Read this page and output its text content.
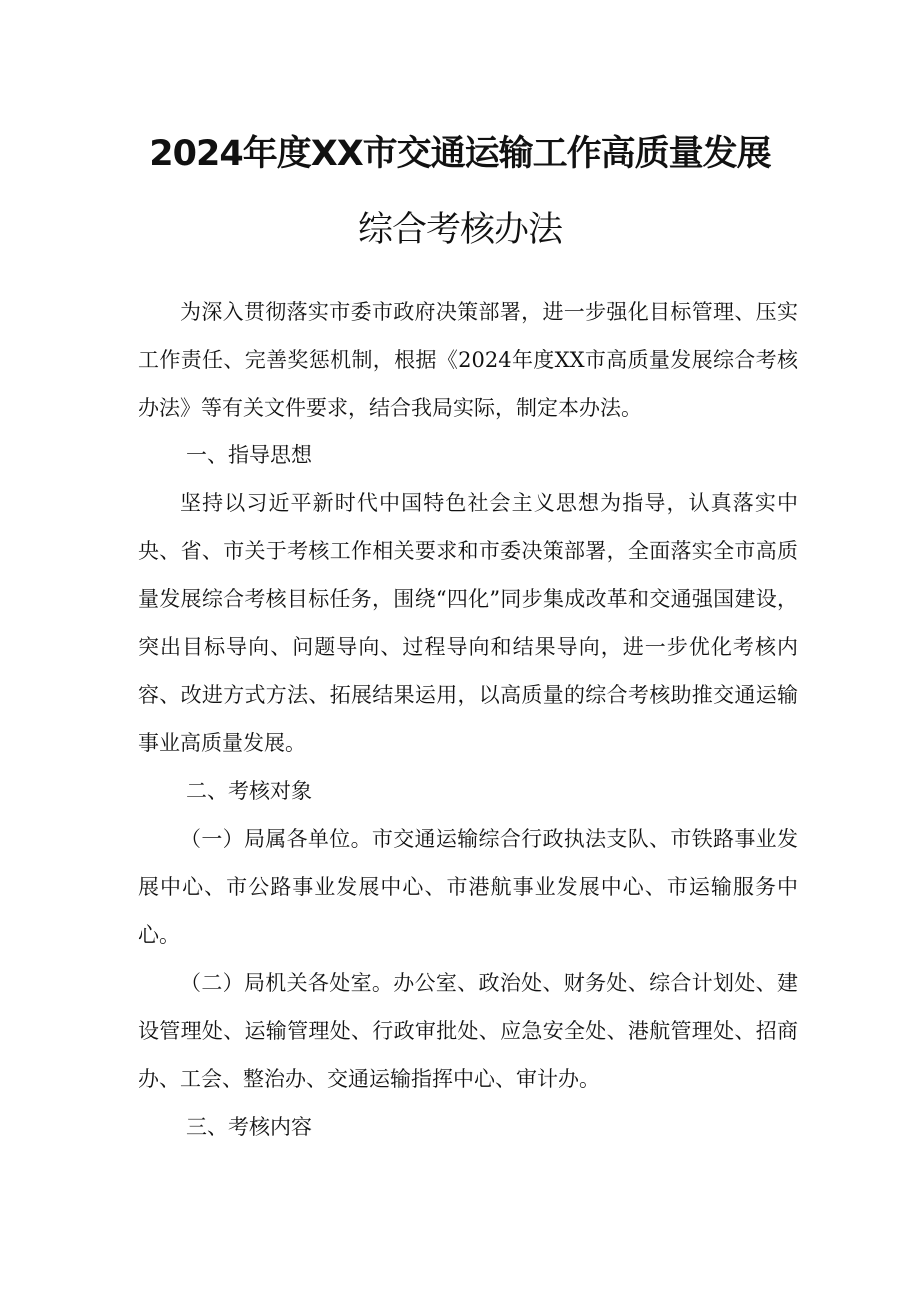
2024年度XX市交通运输工作高质量发展
综合考核办法

为深入贯彻落实市委市政府决策部署，进一步强化目标管理、压实工作责任、完善奖惩机制，根据《2024年度XX市高质量发展综合考核办法》等有关文件要求，结合我局实际，制定本办法。

一、指导思想

坚持以习近平新时代中国特色社会主义思想为指导，认真落实中央、省、市关于考核工作相关要求和市委决策部署，全面落实全市高质量发展综合考核目标任务，围绕“四化”同步集成改革和交通强国建设，突出目标导向、问题导向、过程导向和结果导向，进一步优化考核内容、改进方式方法、拓展结果运用，以高质量的综合考核助推交通运输事业高质量发展。

二、考核对象

（一）局属各单位。市交通运输综合行政执法支队、市铁路事业发展中心、市公路事业发展中心、市港航事业发展中心、市运输服务中心。

（二）局机关各处室。办公室、政治处、财务处、综合计划处、建设管理处、运输管理处、行政审批处、应急安全处、港航管理处、招商办、工会、整治办、交通运输指挥中心、审计办。

三、考核内容
